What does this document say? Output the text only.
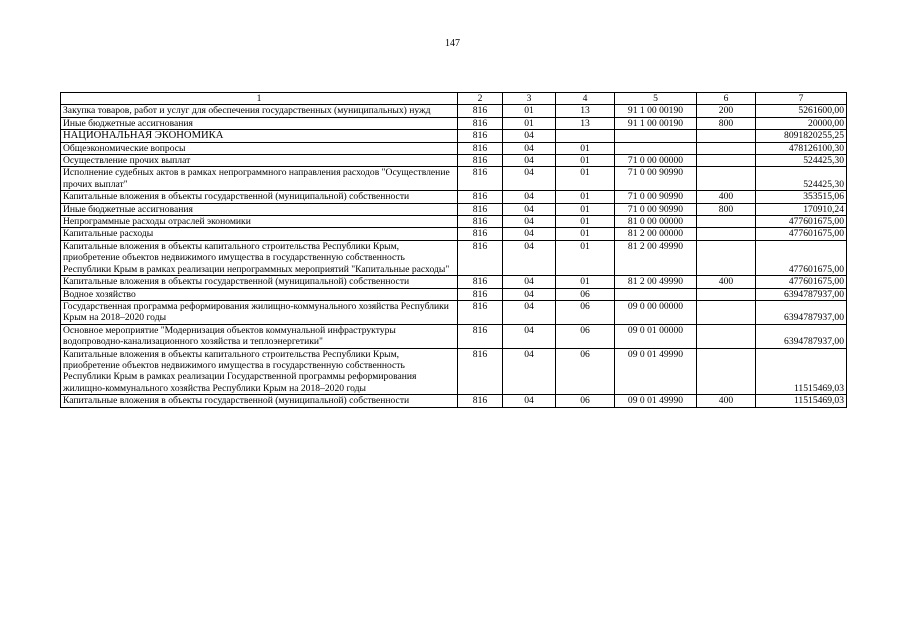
147
1	2	3	4	5	6	7
Закупка товаров, работ и услуг для обеспечения государственных (муниципальных) нужд	816	01	13	91 1 00 00190	200	5261600,00
Иные бюджетные ассигнования	816	01	13	91 1 00 00190	800	20000,00
НАЦИОНАЛЬНАЯ ЭКОНОМИКА	816	04				8091820255,25
Общеэкономические вопросы	816	04	01			478126100,30
Осуществление прочих выплат	816	04	01	71 0 00 00000		524425,30
Исполнение судебных актов в рамках непрограммного направления расходов "Осуществление прочих выплат"	816	04	01	71 0 00 90990		524425,30
Капитальные вложения в объекты государственной (муниципальной) собственности	816	04	01	71 0 00 90990	400	353515,06
Иные бюджетные ассигнования	816	04	01	71 0 00 90990	800	170910,24
Непрограммные расходы отраслей экономики	816	04	01	81 0 00 00000		477601675,00
Капитальные расходы	816	04	01	81 2 00 00000		477601675,00
Капитальные вложения в объекты капитального строительства Республики Крым, приобретение объектов недвижимого имущества в государственную собственность Республики Крым в рамках реализации непрограммных мероприятий "Капитальные расходы"	816	04	01	81 2 00 49990		477601675,00
Капитальные вложения в объекты государственной (муниципальной) собственности	816	04	01	81 2 00 49990	400	477601675,00
Водное хозяйство	816	04	06			6394787937,00
Государственная программа реформирования жилищно-коммунального хозяйства Республики Крым на 2018–2020 годы	816	04	06	09 0 00 00000		6394787937,00
Основное мероприятие "Модернизация объектов коммунальной инфраструктуры водопроводно-канализационного хозяйства и теплоэнергетики"	816	04	06	09 0 01 00000		6394787937,00
Капитальные вложения в объекты капитального строительства Республики Крым, приобретение объектов недвижимого имущества в государственную собственность Республики Крым в рамках реализации Государственной программы реформирования жилищно-коммунального хозяйства Республики Крым на 2018–2020 годы	816	04	06	09 0 01 49990		11515469,03
Капитальные вложения в объекты государственной (муниципальной) собственности	816	04	06	09 0 01 49990	400	11515469,03
